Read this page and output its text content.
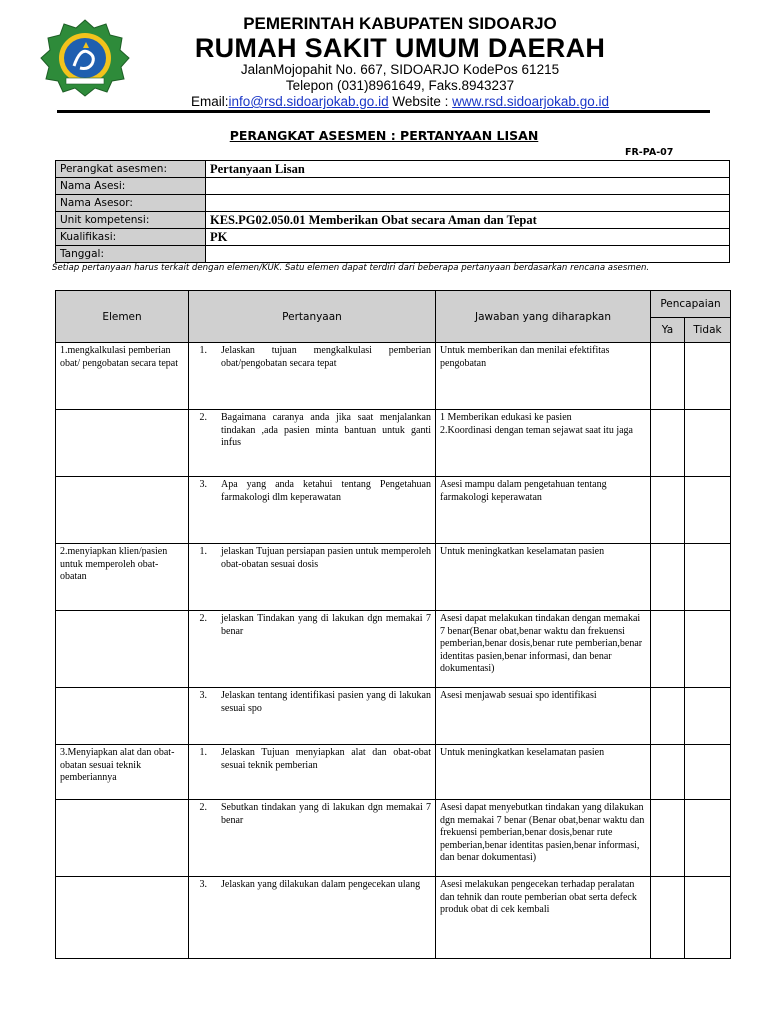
PEMERINTAH KABUPATEN SIDOARJO
RUMAH SAKIT UMUM DAERAH
JalanMojopahit No. 667, SIDOARJO KodePos 61215
Telepon (031)8961649, Faks.8943237
Email:info@rsd.sidoarjokab.go.id Website : www.rsd.sidoarjokab.go.id
PERANGKAT ASESMEN : PERTANYAAN LISAN
FR-PA-07
Perangkat asesmen:	Pertanyaan Lisan
Nama Asesi:	
Nama Asesor:	
Unit kompetensi:	KES.PG02.050.01 Memberikan Obat secara Aman dan Tepat
Kualifikasi:	PK
Tanggal:	
Setiap pertanyaan harus terkait dengan elemen/KUK. Satu elemen dapat terdiri dari beberapa pertanyaan berdasarkan rencana asesmen.
Elemen	Pertanyaan	Jawaban yang diharapkan	Pencapaian	
			Ya	Tidak
1.mengkalkulasi pemberian obat/ pengobatan secara tepat	1. Jelaskan tujuan mengkalkulasi pemberian obat/pengobatan secara tepat	Untuk memberikan dan menilai efektifitas pengobatan		

	2. Bagaimana caranya anda jika saat menjalankan tindakan ,ada pasien minta bantuan untuk ganti infus	1 Memberikan edukasi ke pasien
2.Koordinasi dengan teman sejawat saat itu jaga		

	3. Apa yang anda ketahui tentang Pengetahuan farmakologi dlm keperawatan	Asesi mampu dalam pengetahuan tentang farmakologi keperawatan		
2.menyiapkan klien/pasien untuk memperoleh obat-obatan	1. jelaskan Tujuan persiapan pasien untuk memperoleh obat-obatan sesuai dosis	Untuk meningkatkan keselamatan pasien		

	2. jelaskan Tindakan yang di lakukan dgn memakai 7 benar	Asesi dapat melakukan tindakan dengan memakai 7 benar(Benar obat,benar waktu dan frekuensi pemberian,benar dosis,benar rute pemberian,benar identitas pasien,benar informasi, dan benar dokumentasi)		

	3. Jelaskan tentang identifikasi pasien yang di lakukan sesuai spo	Asesi menjawab sesuai spo identifikasi		
3.Menyiapkan alat dan obat-obatan sesuai teknik pemberiannya	1. Jelaskan Tujuan menyiapkan alat dan obat-obat sesuai teknik pemberian	Untuk meningkatkan keselamatan pasien		

	2. Sebutkan tindakan yang di lakukan dgn memakai 7 benar	Asesi dapat menyebutkan tindakan yang dilakukan dgn memakai 7 benar (Benar obat,benar waktu dan frekuensi pemberian,benar dosis,benar rute pemberian,benar identitas pasien,benar informasi, dan benar dokumentasi)		

	3. Jelaskan yang dilakukan dalam pengecekan ulang	Asesi melakukan pengecekan terhadap peralatan dan tehnik dan route pemberian obat serta defeck produk obat di cek kembali		
